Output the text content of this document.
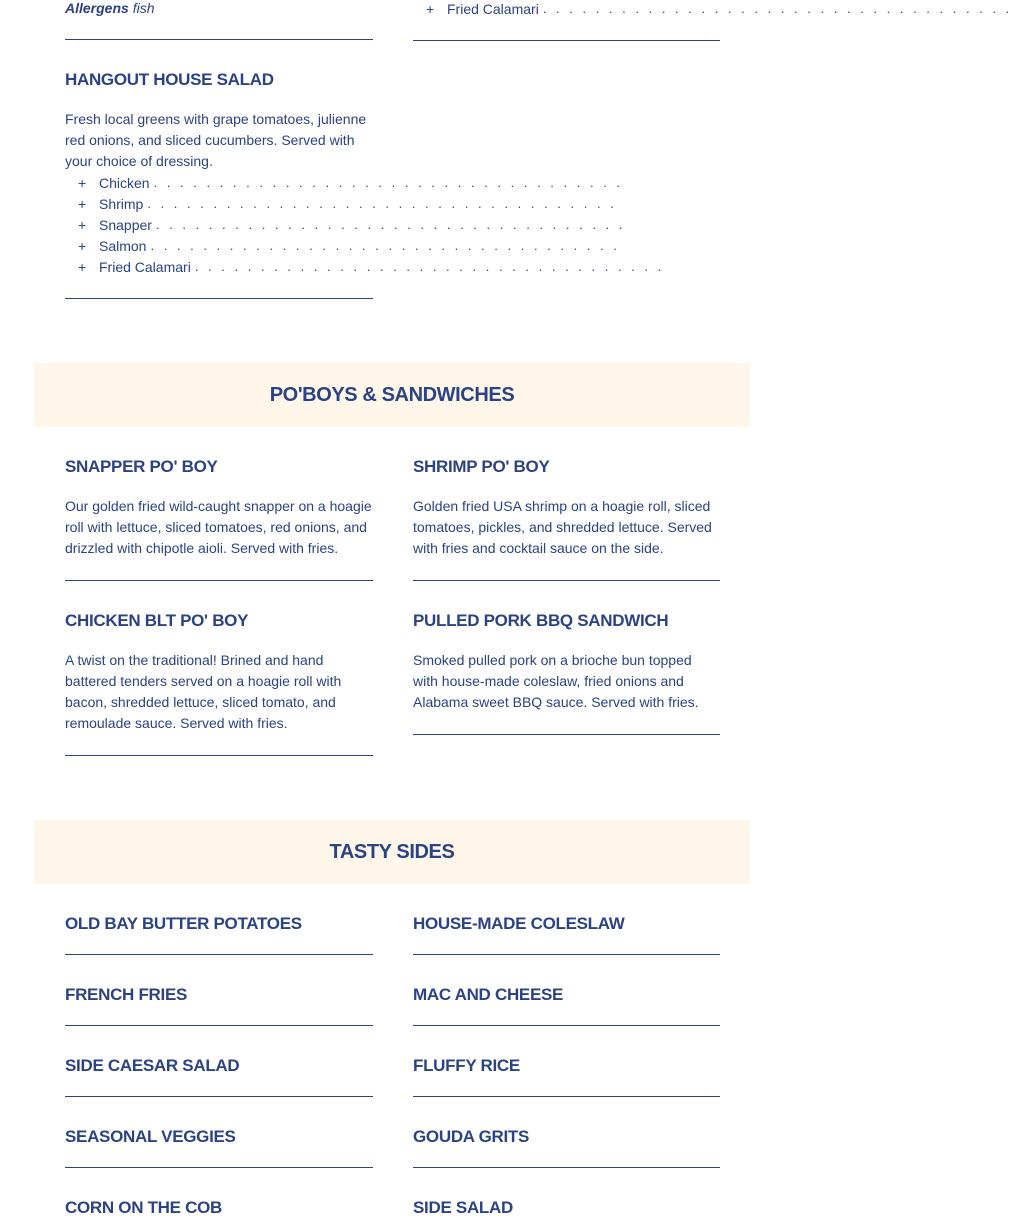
Allergens fish	+ Fried Calamari . . . . . . . . . . . . . . . . . . . . . . . . . . . . . . . . . . . .
HANGOUT HOUSE SALAD
Fresh local greens with grape tomatoes, julienne red onions, and sliced cucumbers. Served with your choice of dressing.
+ Chicken . . . . . . . . . . . . . . . . . . . . . . . . . . . . . . . . . . . .
+ Shrimp . . . . . . . . . . . . . . . . . . . . . . . . . . . . . . . . . . . .
+ Snapper . . . . . . . . . . . . . . . . . . . . . . . . . . . . . . . . . . . .
+ Salmon . . . . . . . . . . . . . . . . . . . . . . . . . . . . . . . . . . . .
+ Fried Calamari . . . . . . . . . . . . . . . . . . . . . . . . . . . . . . . . . . . .
PO'BOYS & SANDWICHES
SNAPPER PO' BOY
Our golden fried wild-caught snapper on a hoagie roll with lettuce, sliced tomatoes, red onions, and drizzled with chipotle aioli. Served with fries.
SHRIMP PO' BOY
Golden fried USA shrimp on a hoagie roll, sliced tomatoes, pickles, and shredded lettuce. Served with fries and cocktail sauce on the side.
CHICKEN BLT PO' BOY
A twist on the traditional! Brined and hand battered tenders served on a hoagie roll with bacon, shredded lettuce, sliced tomato, and remoulade sauce. Served with fries.
PULLED PORK BBQ SANDWICH
Smoked pulled pork on a brioche bun topped with house-made coleslaw, fried onions and Alabama sweet BBQ sauce. Served with fries.
TASTY SIDES
OLD BAY BUTTER POTATOES
FRENCH FRIES
SIDE CAESAR SALAD
SEASONAL VEGGIES
CORN ON THE COB
HOUSE-MADE COLESLAW
MAC AND CHEESE
FLUFFY RICE
GOUDA GRITS
SIDE SALAD
